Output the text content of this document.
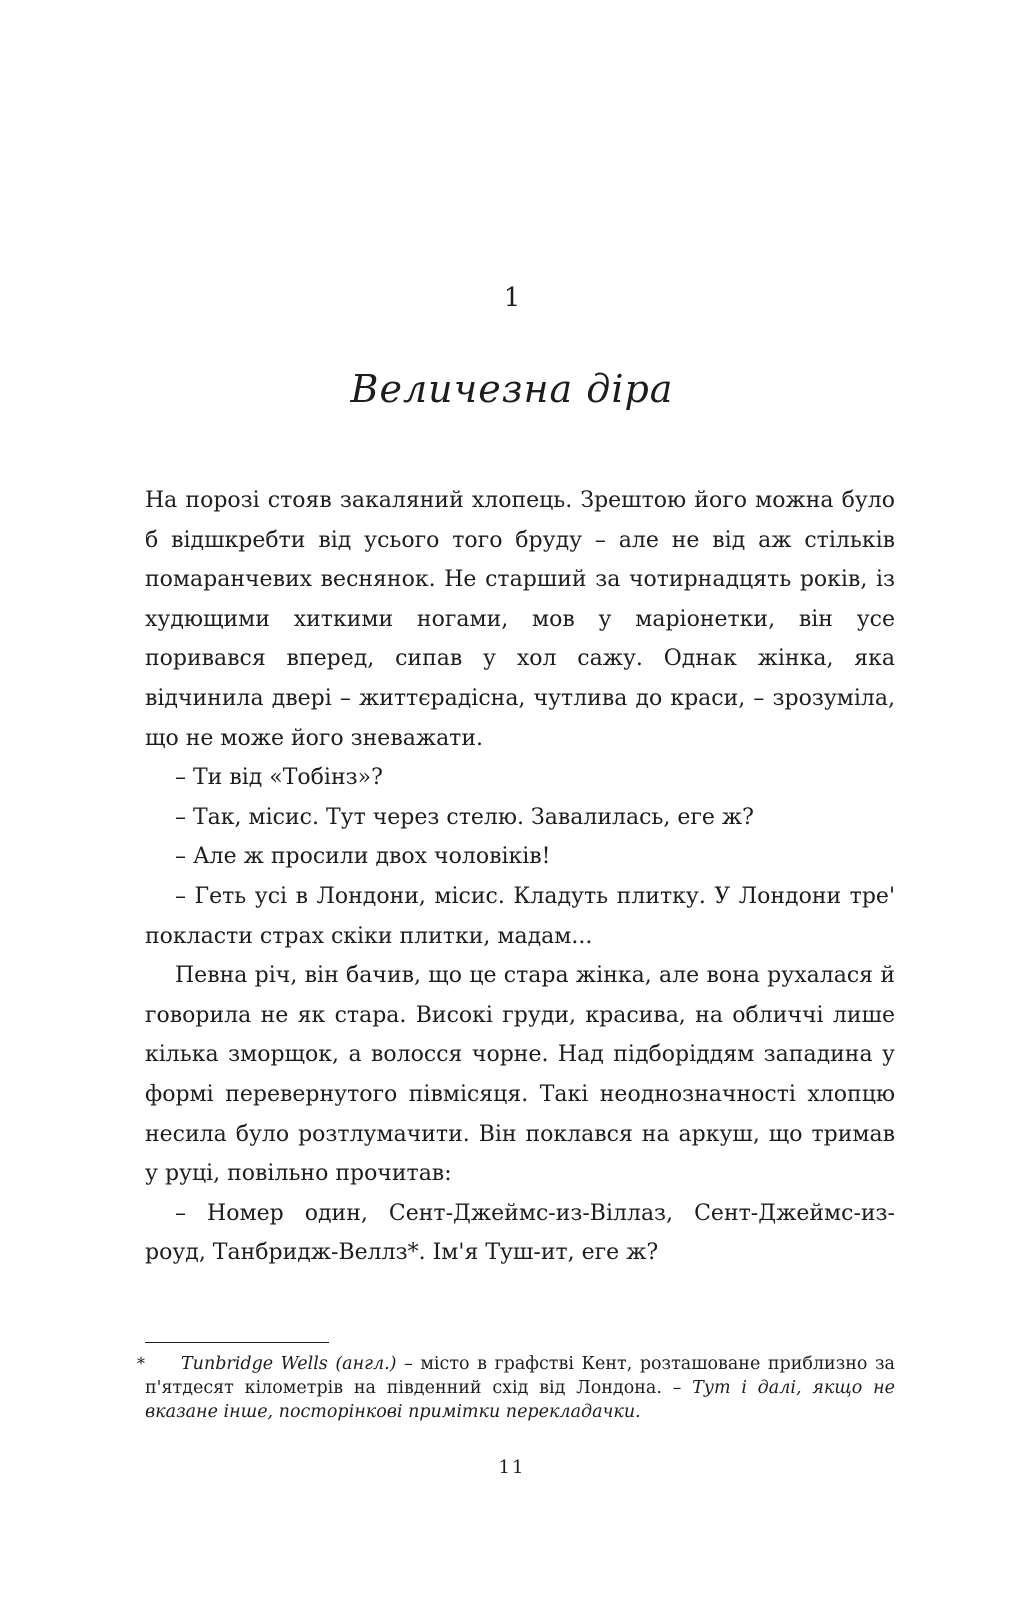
1
Величезна діра

На порозі стояв закаляний хлопець. Зрештою його можна було б відшкребти від усього того бруду – але не від аж стільків помаранчевих веснянок. Не старший за чотирнадцять років, із худющими хиткими ногами, мов у маріонетки, він усе поривався вперед, сипав у хол сажу. Однак жінка, яка відчинила двері – життєрадісна, чутлива до краси, – зрозуміла, що не може його зневажати.

– Ти від «Тобінз»?

– Так, місис. Тут через стелю. Завалилась, еге ж?

– Але ж просили двох чоловіків!

– Геть усі в Лондони, місис. Кладуть плитку. У Лондони тре' покласти страх скіки плитки, мадам...

Певна річ, він бачив, що це стара жінка, але вона рухалася й говорила не як стара. Високі груди, красива, на обличчі лише кілька зморщок, а волосся чорне. Над підборіддям западина у формі перевернутого півмісяця. Такі неоднозначності хлопцю несила було розтлумачити. Він поклався на аркуш, що тримав у руці, повільно прочитав:

– Номер один, Сент-Джеймс-из-Віллаз, Сент-Джеймс-из-роуд, Танбридж-Веллз*. Ім'я Туш-ит, еге ж?

*	Tunbridge Wells (англ.) – місто в графстві Кент, розташоване приблизно за п'ятдесят кілометрів на південний схід від Лондона. – Тут і далі, якщо не вказане інше, посторінкові примітки перекладачки.
11
